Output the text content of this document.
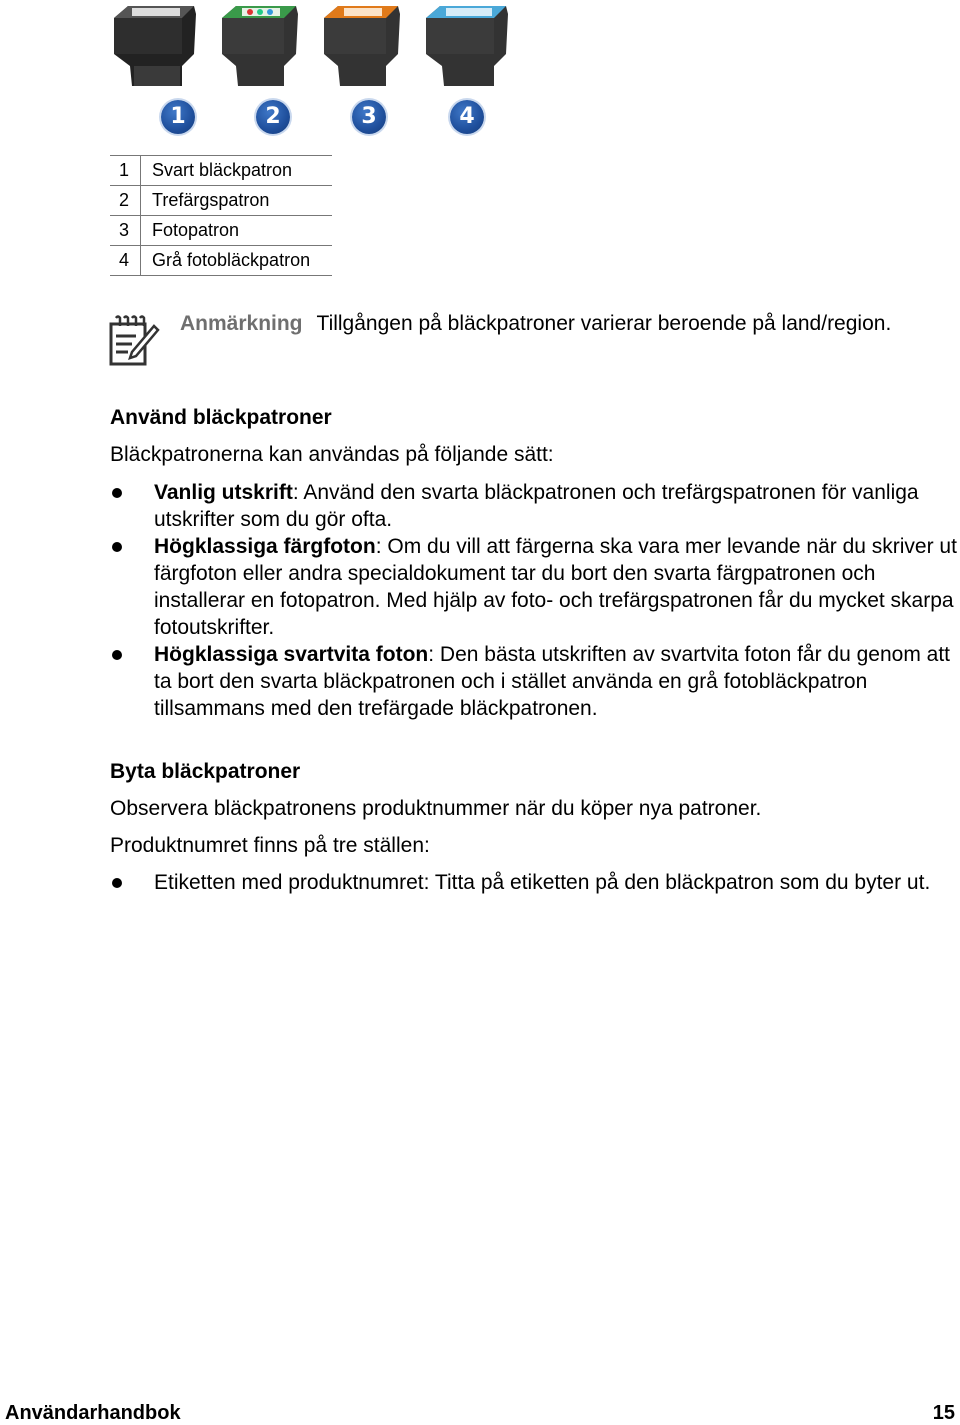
1	2	3	4
1	Svart bläckpatron
2	Trefärgspatron
3	Fotopatron
4	Grå fotobläckpatron
Anmärkning Tillgången på bläckpatroner varierar beroende på land/region.
Använd bläckpatroner
Bläckpatronerna kan användas på följande sätt:
Vanlig utskrift: Använd den svarta bläckpatronen och trefärgspatronen för vanliga utskrifter som du gör ofta.
Högklassiga färgfoton: Om du vill att färgerna ska vara mer levande när du skriver ut färgfoton eller andra specialdokument tar du bort den svarta färgpatronen och installerar en fotopatron. Med hjälp av foto- och trefärgspatronen får du mycket skarpa fotoutskrifter.
Högklassiga svartvita foton: Den bästa utskriften av svartvita foton får du genom att ta bort den svarta bläckpatronen och i stället använda en grå fotobläckpatron tillsammans med den trefärgade bläckpatronen.
Byta bläckpatroner
Observera bläckpatronens produktnummer när du köper nya patroner.
Produktnumret finns på tre ställen:
Etiketten med produktnumret: Titta på etiketten på den bläckpatron som du byter ut.
Användarhandbok	15
